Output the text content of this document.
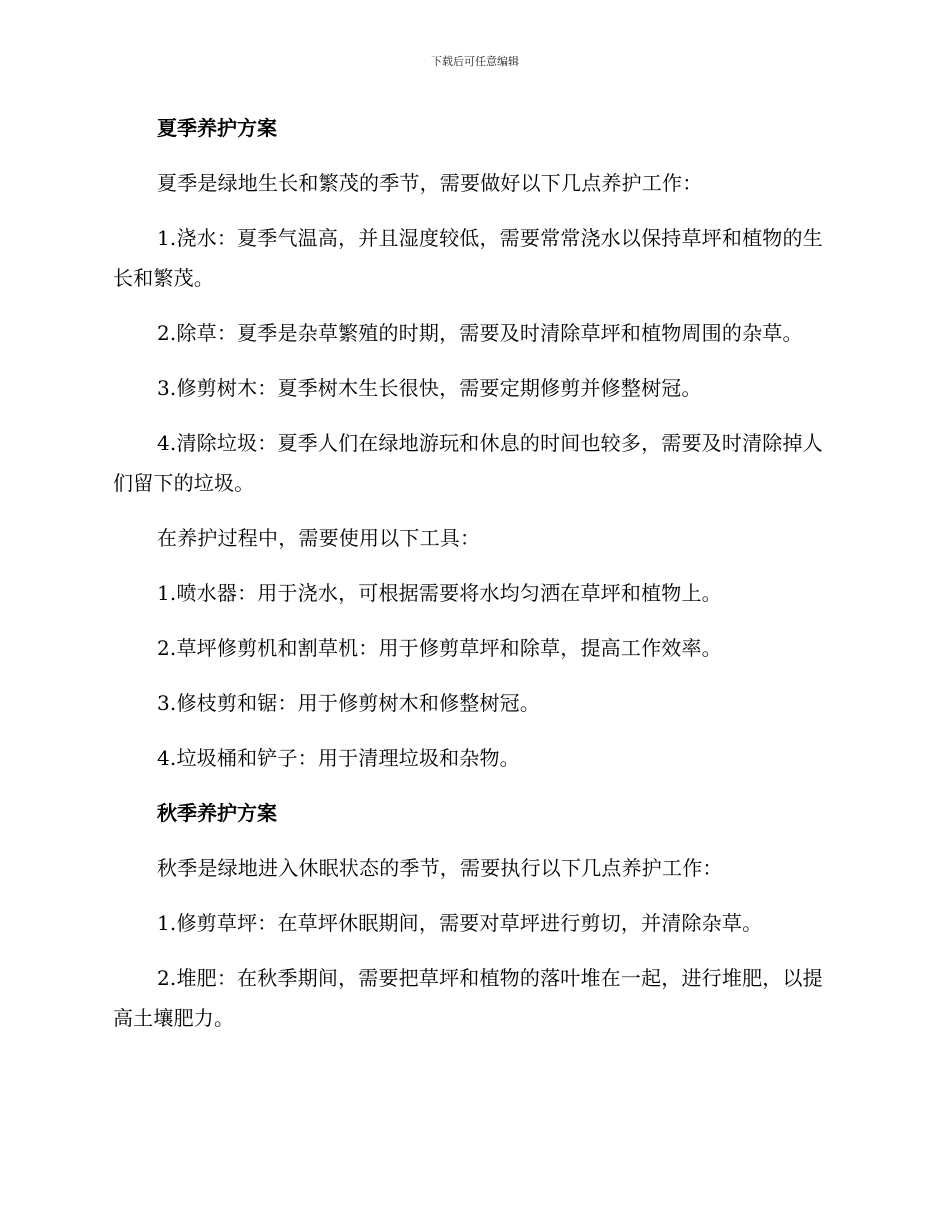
下载后可任意编辑
夏季养护方案

夏季是绿地生长和繁茂的季节，需要做好以下几点养护工作：

1.浇水：夏季气温高，并且湿度较低，需要常常浇水以保持草坪和植物的生长和繁茂。

2.除草：夏季是杂草繁殖的时期，需要及时清除草坪和植物周围的杂草。

3.修剪树木：夏季树木生长很快，需要定期修剪并修整树冠。

4.清除垃圾：夏季人们在绿地游玩和休息的时间也较多，需要及时清除掉人们留下的垃圾。

在养护过程中，需要使用以下工具：

1.喷水器：用于浇水，可根据需要将水均匀洒在草坪和植物上。

2.草坪修剪机和割草机：用于修剪草坪和除草，提高工作效率。

3.修枝剪和锯：用于修剪树木和修整树冠。

4.垃圾桶和铲子：用于清理垃圾和杂物。

秋季养护方案

秋季是绿地进入休眠状态的季节，需要执行以下几点养护工作：

1.修剪草坪：在草坪休眠期间，需要对草坪进行剪切，并清除杂草。

2.堆肥：在秋季期间，需要把草坪和植物的落叶堆在一起，进行堆肥，以提高土壤肥力。
